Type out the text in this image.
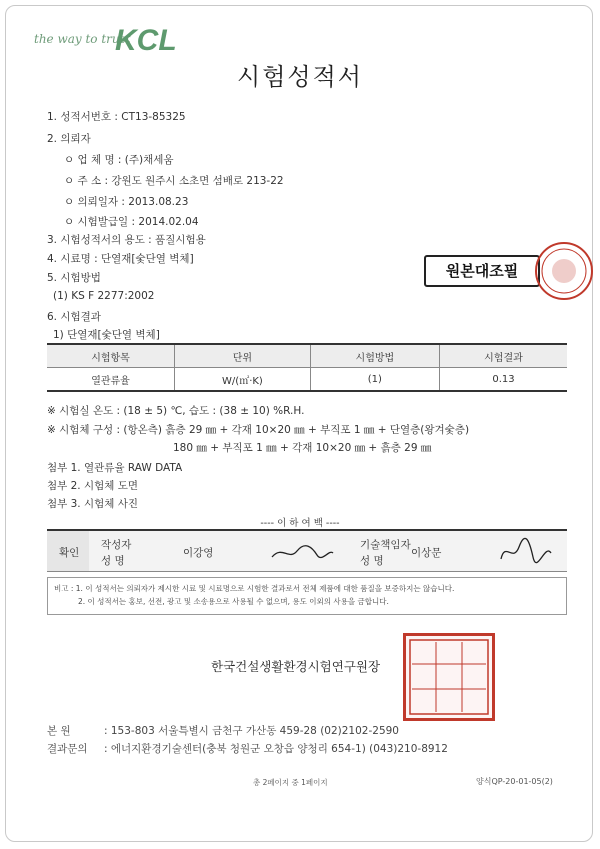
the way to trust
KCL
시험성적서
1. 성적서번호 : CT13-85325
2. 의뢰자
ㅇ 업 체 명 : (주)채세움
ㅇ 주 소 : 강원도 원주시 소초면 섬배로 213-22
ㅇ 의뢰일자 : 2013.08.23
ㅇ 시험발급일 : 2014.02.04
3. 시험성적서의 용도 : 품질시험용
4. 시료명 : 단열재[숯단열 벽체]
5. 시험방법
(1) KS F 2277:2002
6. 시험결과
1) 단열재[숯단열 벽체]
원본대조필
시험항목	단위	시험방법	시험결과
열관류율	W/(㎡·K)	(1)	0.13
※ 시험실 온도 : (18 ± 5) ℃, 습도 : (38 ± 10) %R.H.
※ 시험체 구성 : (항온측) 흙층 29 ㎜ + 각재 10×20 ㎜ + 부직포 1 ㎜ + 단열층(왕겨숯층)
180 ㎜ + 부직포 1 ㎜ + 각재 10×20 ㎜ + 흙층 29 ㎜
첨부 1. 열관류율 RAW DATA
첨부 2. 시험체 도면
첨부 3. 시험체 사진
---- 이 하 여 백 ----
확인
작성자
성 명
이강영
기술책임자
성 명
이상문
비고 : 1. 이 성적서는 의뢰자가 제시한 시료 및 시료명으로 시험한 결과로서 전체 제품에 대한 품질을 보증하지는 않습니다.
2. 이 성적서는 홍보, 선전, 광고 및 소송용으로 사용될 수 없으며, 용도 이외의 사용을 금합니다.
한국건설생활환경시험연구원장
본 원	: 153-803 서울특별시 금천구 가산동 459-28 (02)2102-2590
결과문의 : 에너지환경기술센터(충북 청원군 오창읍 양청리 654-1) (043)210-8912
총 2페이지 중 1페이지	양식QP-20-01-05(2)
